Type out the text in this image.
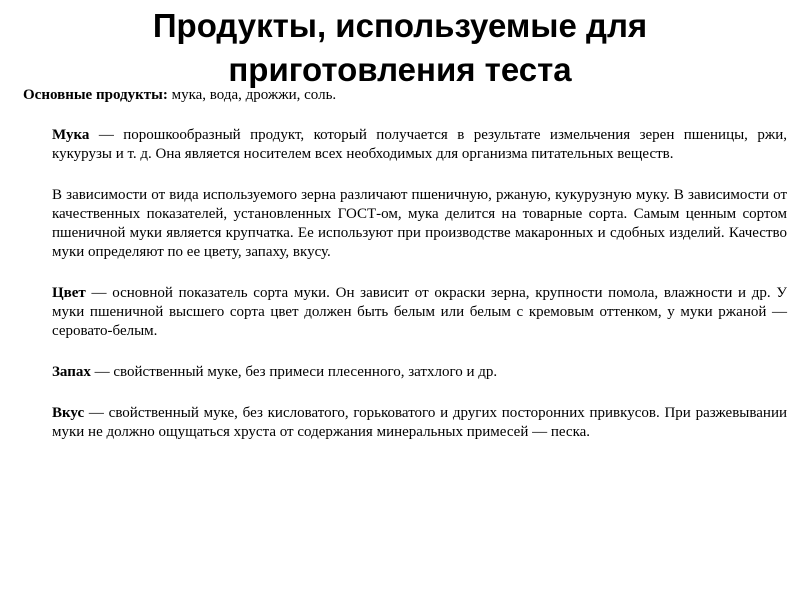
Продукты, используемые для приготовления теста
Основные продукты: мука, вода, дрожжи, соль.

Мука — порошкообразный продукт, который получается в результате измельчения зерен пшеницы, ржи, кукурузы и т. д. Она является носителем всех необходимых для организма питательных веществ.

В зависимости от вида используемого зерна различают пшеничную, ржаную, кукурузную муку. В зависимости от качественных показателей, установленных ГОСТ-ом, мука делится на товарные сорта. Самым ценным сортом пшеничной муки является крупчатка. Ее используют при производстве макаронных и сдобных изделий. Качество муки определяют по ее цвету, запаху, вкусу.

Цвет — основной показатель сорта муки. Он зависит от окраски зерна, крупности помола, влажности и др. У муки пшеничной высшего сорта цвет должен быть белым или белым с кремовым оттенком, у муки ржаной — серовато-белым.

Запах — свойственный муке, без примеси плесенного, затхлого и др.

Вкус — свойственный муке, без кисловатого, горьковатого и других посторонних привкусов. При разжевывании муки не должно ощущаться хруста от содержания минеральных примесей — песка.
